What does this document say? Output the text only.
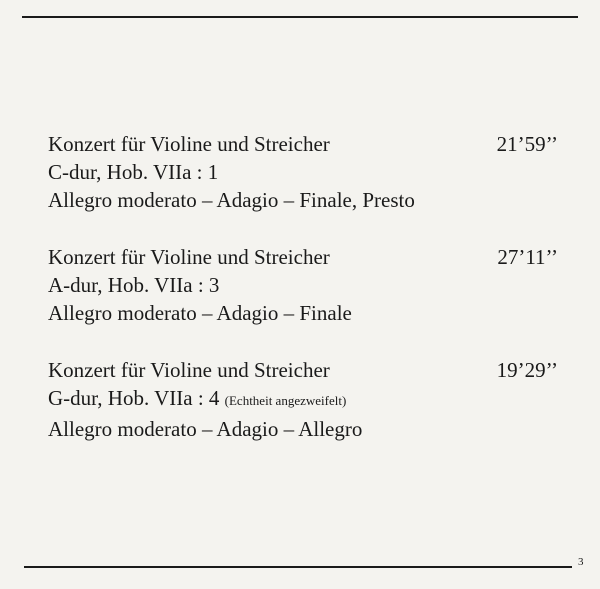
Konzert für Violine und Streicher	21’59’’
C-dur, Hob. VIIa : 1
Allegro moderato – Adagio – Finale, Presto
Konzert für Violine und Streicher	27’11’’
A-dur, Hob. VIIa : 3
Allegro moderato – Adagio – Finale
Konzert für Violine und Streicher	19’29’’
G-dur, Hob. VIIa : 4 (Echtheit angezweifelt)
Allegro moderato – Adagio – Allegro
3
